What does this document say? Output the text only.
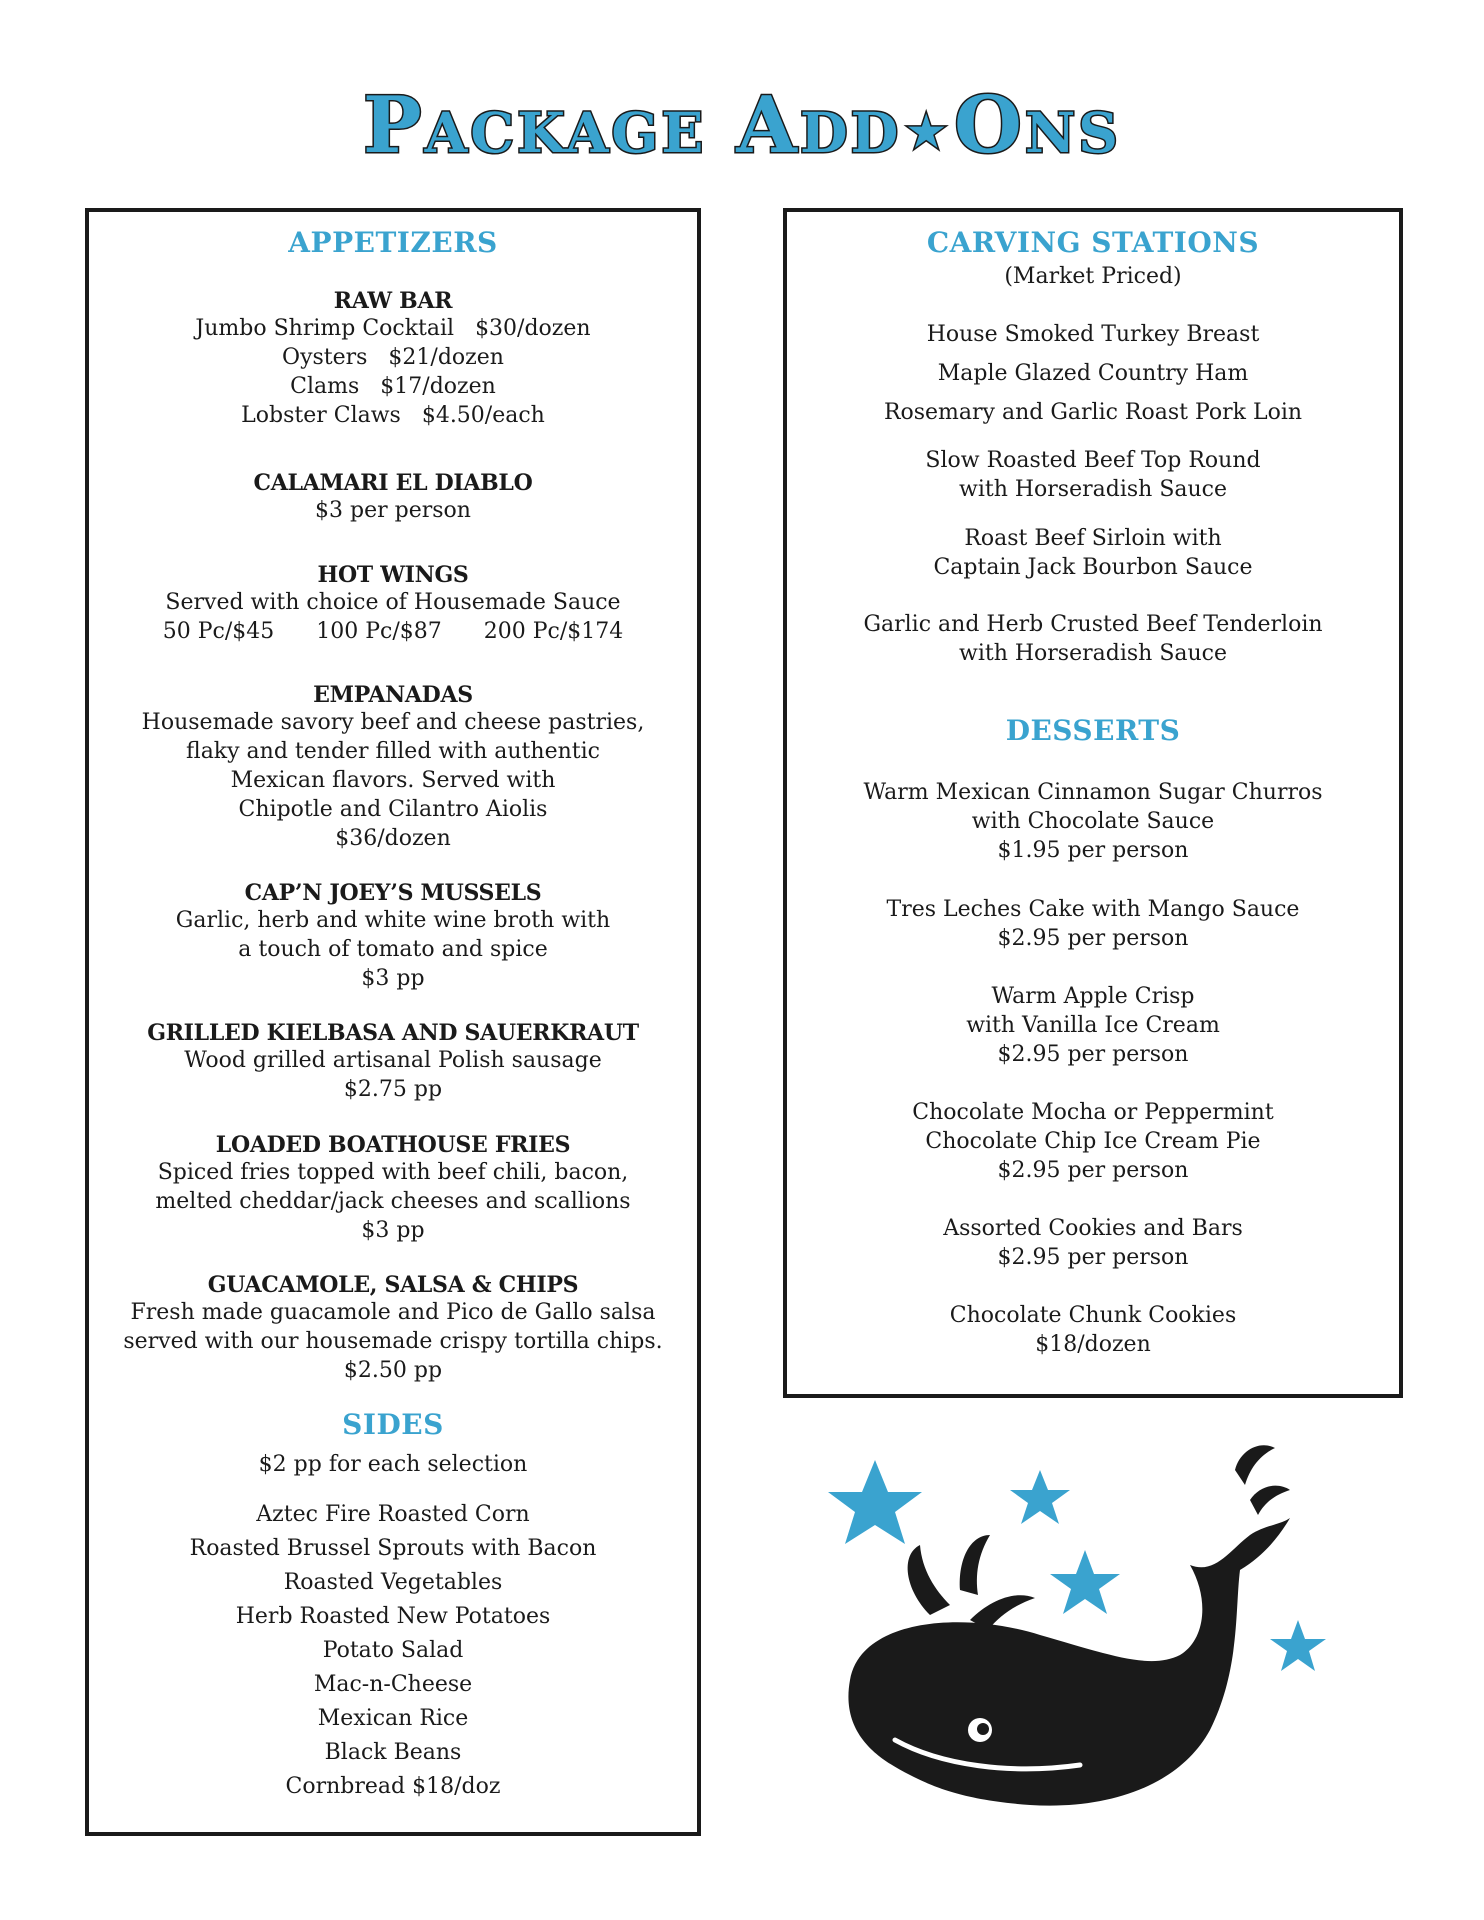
Package Add ★Ons
APPETIZERS
RAW BAR
Jumbo Shrimp Cocktail   $30/dozen
Oysters   $21/dozen
Clams   $17/dozen
Lobster Claws   $4.50/each
CALAMARI EL DIABLO
$3 per person
HOT WINGS
Served with choice of Housemade Sauce
50 Pc/$45      100 Pc/$87      200 Pc/$174
EMPANADAS
Housemade savory beef and cheese pastries,
flaky and tender filled with authentic
Mexican flavors. Served with
Chipotle and Cilantro Aiolis
$36/dozen
CAP’N JOEY’S MUSSELS
Garlic, herb and white wine broth with
a touch of tomato and spice
$3 pp
GRILLED KIELBASA AND SAUERKRAUT
Wood grilled artisanal Polish sausage
$2.75 pp
LOADED BOATHOUSE FRIES
Spiced fries topped with beef chili, bacon,
melted cheddar/jack cheeses and scallions
$3 pp
GUACAMOLE, SALSA & CHIPS
Fresh made guacamole and Pico de Gallo salsa
served with our housemade crispy tortilla chips.
$2.50 pp
SIDES
$2 pp for each selection
Aztec Fire Roasted Corn
Roasted Brussel Sprouts with Bacon
Roasted Vegetables
Herb Roasted New Potatoes
Potato Salad
Mac-n-Cheese
Mexican Rice
Black Beans
Cornbread $18/doz
CARVING STATIONS
(Market Priced)
House Smoked Turkey Breast
Maple Glazed Country Ham
Rosemary and Garlic Roast Pork Loin
Slow Roasted Beef Top Round
with Horseradish Sauce
Roast Beef Sirloin with
Captain Jack Bourbon Sauce
Garlic and Herb Crusted Beef Tenderloin
with Horseradish Sauce
DESSERTS
Warm Mexican Cinnamon Sugar Churros
with Chocolate Sauce
$1.95 per person
Tres Leches Cake with Mango Sauce
$2.95 per person
Warm Apple Crisp
with Vanilla Ice Cream
$2.95 per person
Chocolate Mocha or Peppermint
Chocolate Chip Ice Cream Pie
$2.95 per person
Assorted Cookies and Bars
$2.95 per person
Chocolate Chunk Cookies
$18/dozen
